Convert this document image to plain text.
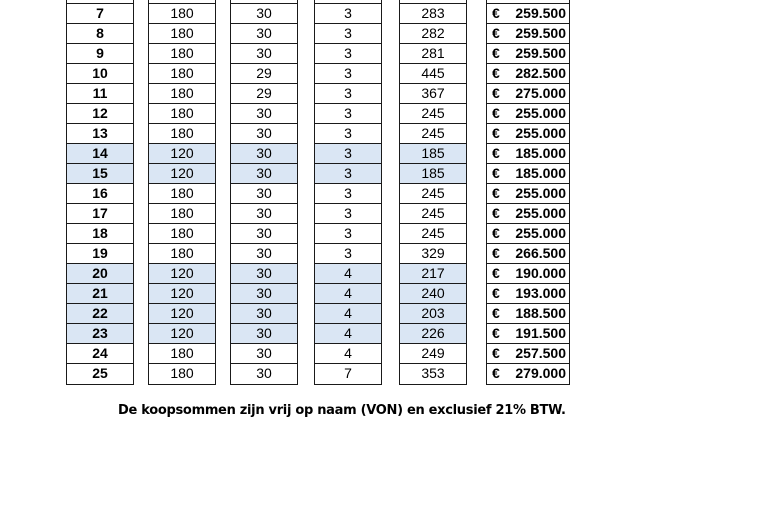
7
8
9
10
11
12
13
14
15
16
17
18
19
20
21
22
23
24
25
180
180
180
180
180
180
180
120
120
180
180
180
180
120
120
120
120
180
180
30
30
30
29
29
30
30
30
30
30
30
30
30
30
30
30
30
30
30
3
3
3
3
3
3
3
3
3
3
3
3
3
4
4
4
4
4
7
283
282
281
445
367
245
245
185
185
245
245
245
329
217
240
203
226
249
353
€ 259.500
€ 259.500
€ 259.500
€ 282.500
€ 275.000
€ 255.000
€ 255.000
€ 185.000
€ 185.000
€ 255.000
€ 255.000
€ 255.000
€ 266.500
€ 190.000
€ 193.000
€ 188.500
€ 191.500
€ 257.500
€ 279.000
De koopsommen zijn vrij op naam (VON) en exclusief 21% BTW.
